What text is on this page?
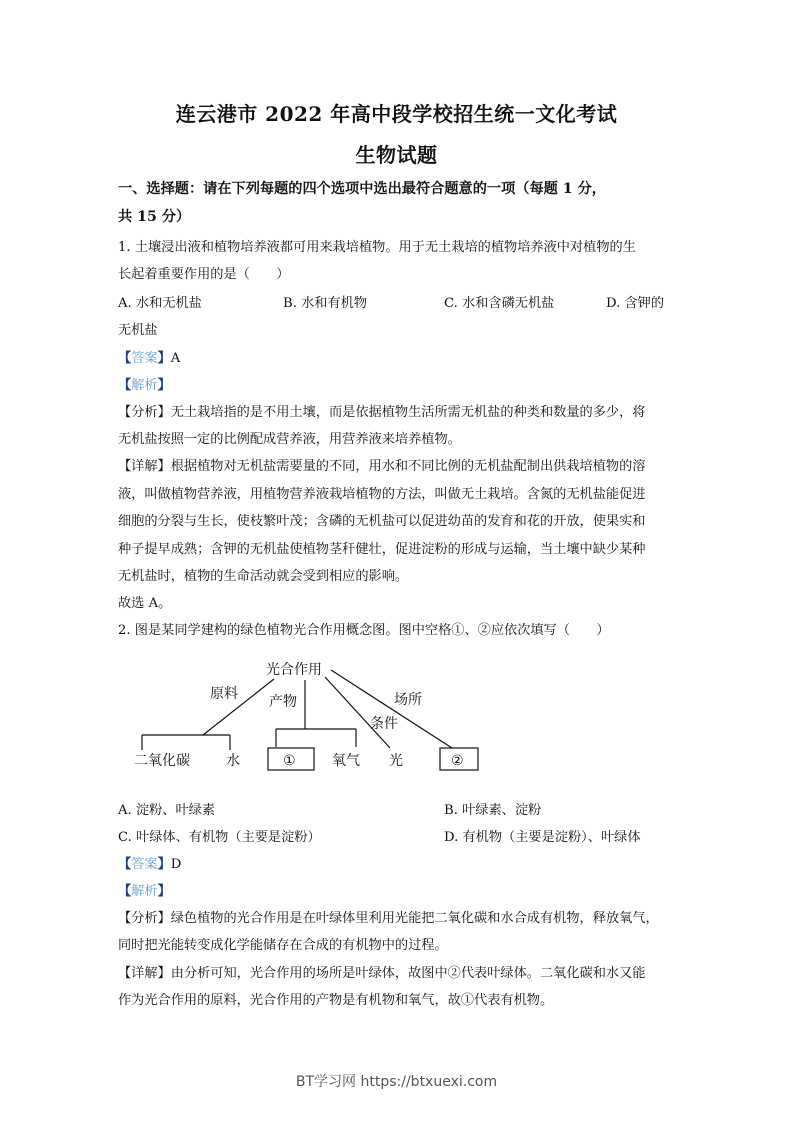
连云港市 2022 年高中段学校招生统一文化考试
生物试题
一、选择题：请在下列每题的四个选项中选出最符合题意的一项（每题 1 分，
共 15 分）
1. 土壤浸出液和植物培养液都可用来栽培植物。用于无土栽培的植物培养液中对植物的生
长起着重要作用的是（　　）
A. 水和无机盐	B. 水和有机物	C. 水和含磷无机盐	D. 含钾的
无机盐
【答案】A
【解析】
【分析】无土栽培指的是不用土壤，而是依据植物生活所需无机盐的种类和数量的多少，将
无机盐按照一定的比例配成营养液，用营养液来培养植物。
【详解】根据植物对无机盐需要量的不同，用水和不同比例的无机盐配制出供栽培植物的溶
液，叫做植物营养液，用植物营养液栽培植物的方法，叫做无土栽培。含氮的无机盐能促进
细胞的分裂与生长，使枝繁叶茂；含磷的无机盐可以促进幼苗的发育和花的开放，使果实和
种子提早成熟；含钾的无机盐使植物茎秆健壮，促进淀粉的形成与运输，当土壤中缺少某种
无机盐时，植物的生命活动就会受到相应的影响。
故选 A。
2. 图是某同学建构的绿色植物光合作用概念图。图中空格①、②应依次填写（　　）
光合作用
原料 产物
条件
场所
二氧化碳	水	①	氧气 光	②
A. 淀粉、叶绿素	B. 叶绿素、淀粉
C. 叶绿体、有机物（主要是淀粉）	D. 有机物（主要是淀粉）、叶绿体
【答案】D
【解析】
【分析】绿色植物的光合作用是在叶绿体里利用光能把二氧化碳和水合成有机物，释放氧气，
同时把光能转变成化学能储存在合成的有机物中的过程。
【详解】由分析可知，光合作用的场所是叶绿体，故图中②代表叶绿体。二氧化碳和水又能
作为光合作用的原料，光合作用的产物是有机物和氧气，故①代表有机物。
BT学习网 https://btxuexi.com
